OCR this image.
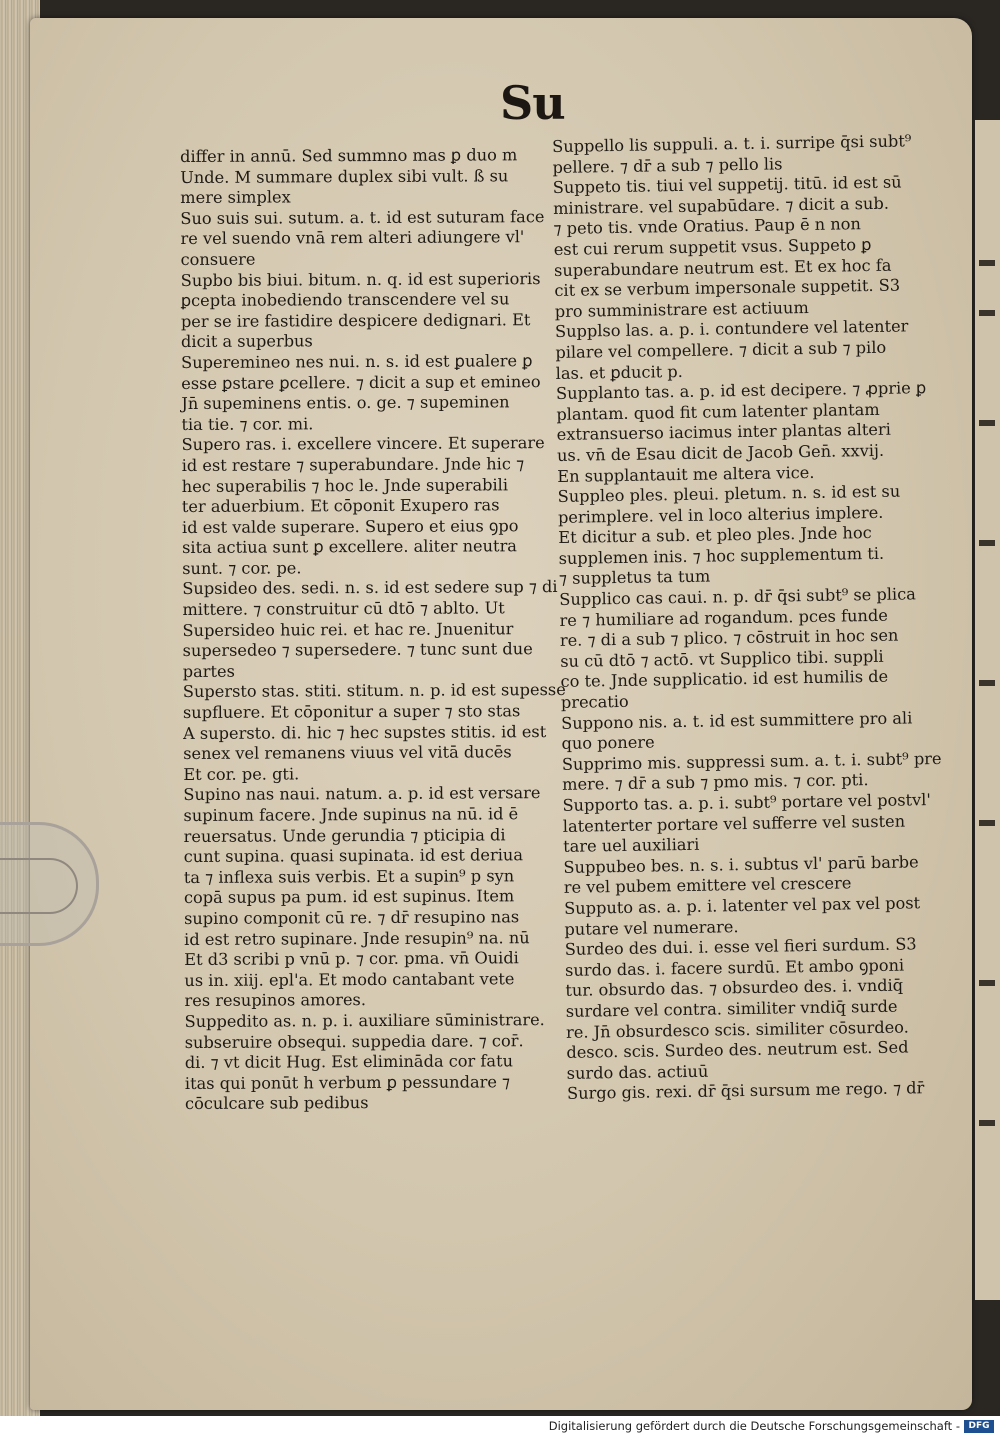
Su
differ in annū. Sed summno mas ꝑ duo m
Unde. M summare duplex sibi vult. ß su
mere simplex
Suo suis sui. sutum. a. t. id est suturam face
re vel suendo vnā rem alteri adiungere vl'
consuere
Supbo bis biui. bitum. n. q. id est superioris
ꝑcepta inobediendo transcendere vel su
per se ire fastidire despicere dedignari. Et
dicit a superbus
Superemineo nes nui. n. s. id est ꝑualere ꝑ
esse ꝑstare ꝑcellere. ⁊ dicit a sup et emineo
Jn̄ supeminens entis. o. ge. ⁊ supeminen
tia tie. ⁊ cor. mi.
Supero ras. i. excellere vincere. Et superare
id est restare ⁊ superabundare. Jnde hic ⁊
hec superabilis ⁊ hoc le. Jnde superabili
ter aduerbium. Et cōponit Exupero ras
id est valde superare. Supero et eius ꝯpo
sita actiua sunt ꝑ excellere. aliter neutra
sunt. ⁊ cor. pe.
Supsideo des. sedi. n. s. id est sedere sup ⁊ di
mittere. ⁊ construitur cū dtō ⁊ ablto. Ut
Supersideo huic rei. et hac re. Jnuenitur
supersedeo ⁊ supersedere. ⁊ tunc sunt due
partes
Supersto stas. stiti. stitum. n. p. id est supesse
supfluere. Et cōponitur a super ⁊ sto stas
A supersto. di. hic ⁊ hec supstes stitis. id est
senex vel remanens viuus vel vitā ducēs
Et cor. pe. gti.
Supino nas naui. natum. a. p. id est versare
supinum facere. Jnde supinus na nū. id ē
reuersatus. Unde gerundia ⁊ pticipia di
cunt supina. quasi supinata. id est deriua
ta ⁊ inflexa suis verbis. Et a supin⁹ p syn
copā supus pa pum. id est supinus. Item
supino componit cū re. ⁊ dr̄ resupino nas
id est retro supinare. Jnde resupin⁹ na. nū
Et d3 scribi p vnū p. ⁊ cor. pma. vn̄ Ouidi
us in. xiij. epl'a. Et modo cantabant vete
res resupinos amores.
Suppedito as. n. p. i. auxiliare sūministrare.
subseruire obsequi. suppedia dare. ⁊ cor̄.
di. ⁊ vt dicit Hug. Est elimināda cor fatu
itas qui ponūt h verbum ꝑ pessundare ⁊
cōculcare sub pedibus
Suppello lis suppuli. a. t. i. surripe q̄si subt⁹
pellere. ⁊ dr̄ a sub ⁊ pello lis
Suppeto tis. tiui vel suppetij. titū. id est sū
ministrare. vel supabūdare. ⁊ dicit a sub.
⁊ peto tis. vnde Oratius. Paup ē n non
est cui rerum suppetit vsus. Suppeto ꝑ
superabundare neutrum est. Et ex hoc fa
cit ex se verbum impersonale suppetit. S3
pro sumministrare est actiuum
Supplso las. a. p. i. contundere vel latenter
pilare vel compellere. ⁊ dicit a sub ⁊ pilo
las. et ꝑducit p.
Supplanto tas. a. p. id est decipere. ⁊ ꝓprie ꝑ
plantam. quod fit cum latenter plantam
extransuerso iacimus inter plantas alteri
us. vn̄ de Esau dicit de Jacob Gen̄. xxvij.
En supplantauit me altera vice.
Suppleo ples. pleui. pletum. n. s. id est su
perimplere. vel in loco alterius implere.
Et dicitur a sub. et pleo ples. Jnde hoc
supplemen inis. ⁊ hoc supplementum ti.
⁊ suppletus ta tum
Supplico cas caui. n. p. dr̄ q̄si subt⁹ se plica
re ⁊ humiliare ad rogandum. pces funde
re. ⁊ di a sub ⁊ plico. ⁊ cōstruit in hoc sen
su cū dtō ⁊ actō. vt Supplico tibi. suppli
co te. Jnde supplicatio. id est humilis de
precatio
Suppono nis. a. t. id est summittere pro ali
quo ponere
Supprimo mis. suppressi sum. a. t. i. subt⁹ pre
mere. ⁊ dr̄ a sub ⁊ pmo mis. ⁊ cor. pti.
Supporto tas. a. p. i. subt⁹ portare vel postvl'
latenterter portare vel sufferre vel susten
tare uel auxiliari
Suppubeo bes. n. s. i. subtus vl' parū barbe
re vel pubem emittere vel crescere
Supputo as. a. p. i. latenter vel pax vel post
putare vel numerare.
Surdeo des dui. i. esse vel fieri surdum. S3
surdo das. i. facere surdū. Et ambo ꝯponi
tur. obsurdo das. ⁊ obsurdeo des. i. vndiq̄
surdare vel contra. similiter vndiq̄ surde
re. Jn̄ obsurdesco scis. similiter cōsurdeo.
desco. scis. Surdeo des. neutrum est. Sed
surdo das. actiuū
Surgo gis. rexi. dr̄ q̄si sursum me rego. ⁊ dr̄
Digitalisierung gefördert durch die Deutsche Forschungsgemeinschaft - DFG
